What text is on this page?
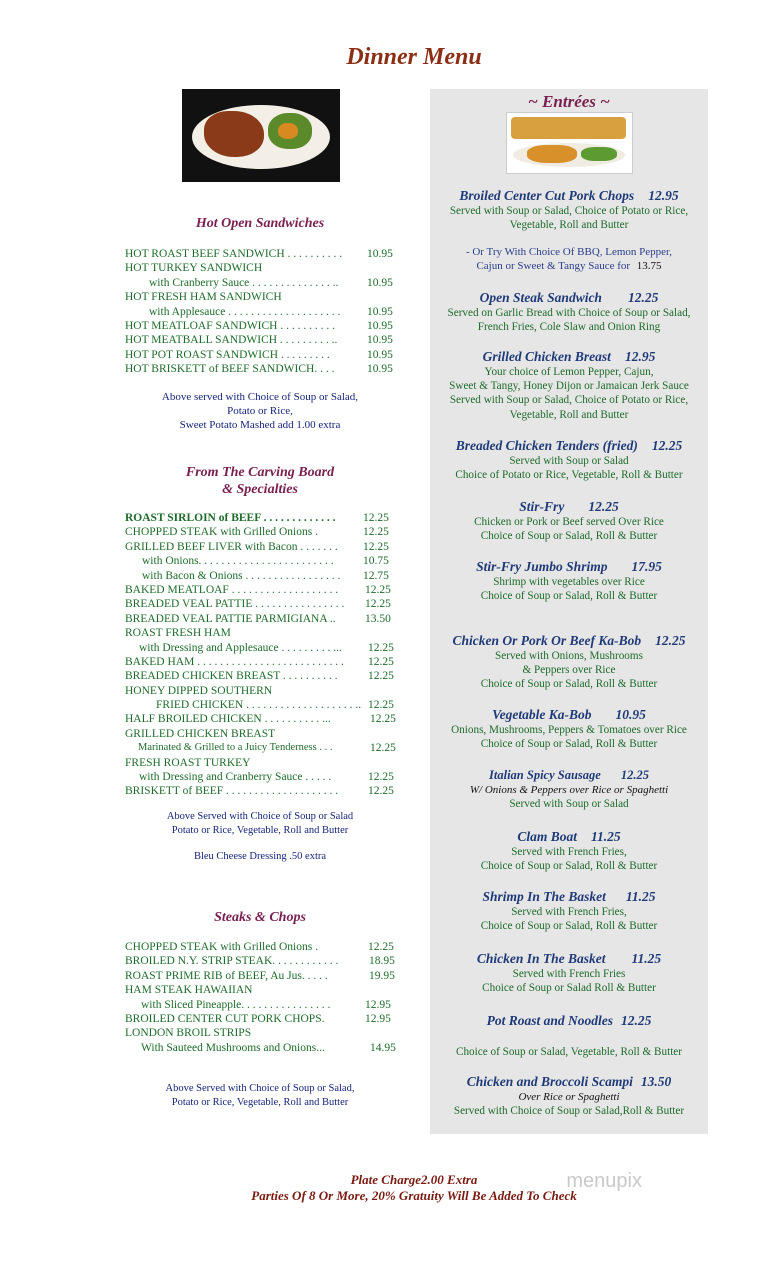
Dinner Menu
Hot Open Sandwiches
HOT ROAST BEEF SANDWICH . . . . . . . . . . 10.95
HOT TURKEY SANDWICH
with Cranberry Sauce . . . . . . . . . . . . . . .. 10.95
HOT FRESH HAM SANDWICH
with Applesauce . . . . . . . . . . . . . . . . . . . . 10.95
HOT MEATLOAF SANDWICH . . . . . . . . . .	10.95
HOT MEATBALL SANDWICH . . . . . . . . . ..	10.95
HOT POT ROAST SANDWICH . . . . . . . . .	10.95
HOT BRISKETT of BEEF SANDWICH. . . .	10.95
Above served with Choice of Soup or Salad,
Potato or Rice,
Sweet Potato Mashed add 1.00 extra
From The Carving Board
& Specialties
ROAST SIRLOIN of BEEF . . . . . . . . . . . . . 12.25
CHOPPED STEAK with Grilled Onions .	12.25
GRILLED BEEF LIVER with Bacon . . . . . . . 12.25
with Onions. . . . . . . . . . . . . . . . . . . . . . . .	10.75
with Bacon & Onions . . . . . . . . . . . . . . . . . 12.75
BAKED MEATLOAF . . . . . . . . . . . . . . . . . . . 12.25
BREADED VEAL PATTIE . . . . . . . . . . . . . . . . 12.25
BREADED VEAL PATTIE PARMIGIANA ..	13.50
ROAST FRESH HAM
with Dressing and Applesauce . . . . . . . . . ... 12.25
BAKED HAM . . . . . . . . . . . . . . . . . . . . . . . . . . 12.25
BREADED CHICKEN BREAST . . . . . . . . . .	12.25
HONEY DIPPED SOUTHERN
FRIED CHICKEN . . . . . . . . . . . . . . . . . . . .. 12.25
HALF BROILED CHICKEN . . . . . . . . . . ...	12.25
GRILLED CHICKEN BREAST
Marinated & Grilled to a Juicy Tenderness . . .	12.25
FRESH ROAST TURKEY
with Dressing and Cranberry Sauce . . . . .	12.25
BRISKETT of BEEF . . . . . . . . . . . . . . . . . . . .	12.25
Above Served with Choice of Soup or Salad
Potato or Rice, Vegetable, Roll and Butter
Bleu Cheese Dressing .50 extra
Steaks & Chops
CHOPPED STEAK with Grilled Onions .	12.25
BROILED N.Y. STRIP STEAK. . . . . . . . . . . .	18.95
ROAST PRIME RIB of BEEF, Au Jus. . . . .	19.95
HAM STEAK HAWAIIAN
with Sliced Pineapple. . . . . . . . . . . . . . . .	12.95
BROILED CENTER CUT PORK CHOPS.	12.95
LONDON BROIL STRIPS
With Sauteed Mushrooms and Onions...	14.95
Above Served with Choice of Soup or Salad,
Potato or Rice, Vegetable, Roll and Butter
~ Entrées ~
Broiled Center Cut Pork Chops 12.95
Served with Soup or Salad, Choice of Potato or Rice,
Vegetable, Roll and Butter
- Or Try With Choice Of BBQ, Lemon Pepper,
Cajun or Sweet & Tangy Sauce for 13.75
Open Steak Sandwich 12.25
Served on Garlic Bread with Choice of Soup or Salad,
French Fries, Cole Slaw and Onion Ring
Grilled Chicken Breast 12.95
Your choice of Lemon Pepper, Cajun,
Sweet & Tangy, Honey Dijon or Jamaican Jerk Sauce
Served with Soup or Salad, Choice of Potato or Rice,
Vegetable, Roll and Butter
Breaded Chicken Tenders (fried) 12.25
Served with Soup or Salad
Choice of Potato or Rice, Vegetable, Roll & Butter
Stir-Fry 12.25
Chicken or Pork or Beef served Over Rice
Choice of Soup or Salad, Roll & Butter
Stir-Fry Jumbo Shrimp 17.95
Shrimp with vegetables over Rice
Choice of Soup or Salad, Roll & Butter
Chicken Or Pork Or Beef Ka-Bob 12.25
Served with Onions, Mushrooms
& Peppers over Rice
Choice of Soup or Salad, Roll & Butter
Vegetable Ka-Bob 10.95
Onions, Mushrooms, Peppers & Tomatoes over Rice
Choice of Soup or Salad, Roll & Butter
Italian Spicy Sausage 12.25
W/ Onions & Peppers over Rice or Spaghetti
Served with Soup or Salad
Clam Boat 11.25
Served with French Fries,
Choice of Soup or Salad, Roll & Butter
Shrimp In The Basket 11.25
Served with French Fries,
Choice of Soup or Salad, Roll & Butter
Chicken In The Basket 11.25
Served with French Fries
Choice of Soup or Salad Roll & Butter
Pot Roast and Noodles 12.25
Choice of Soup or Salad, Vegetable, Roll & Butter
Chicken and Broccoli Scampi 13.50
Over Rice or Spaghetti
Served with Choice of Soup or Salad,Roll & Butter
Plate Charge2.00 Extra
Parties Of 8 Or More, 20% Gratuity Will Be Added To Check
menupix
